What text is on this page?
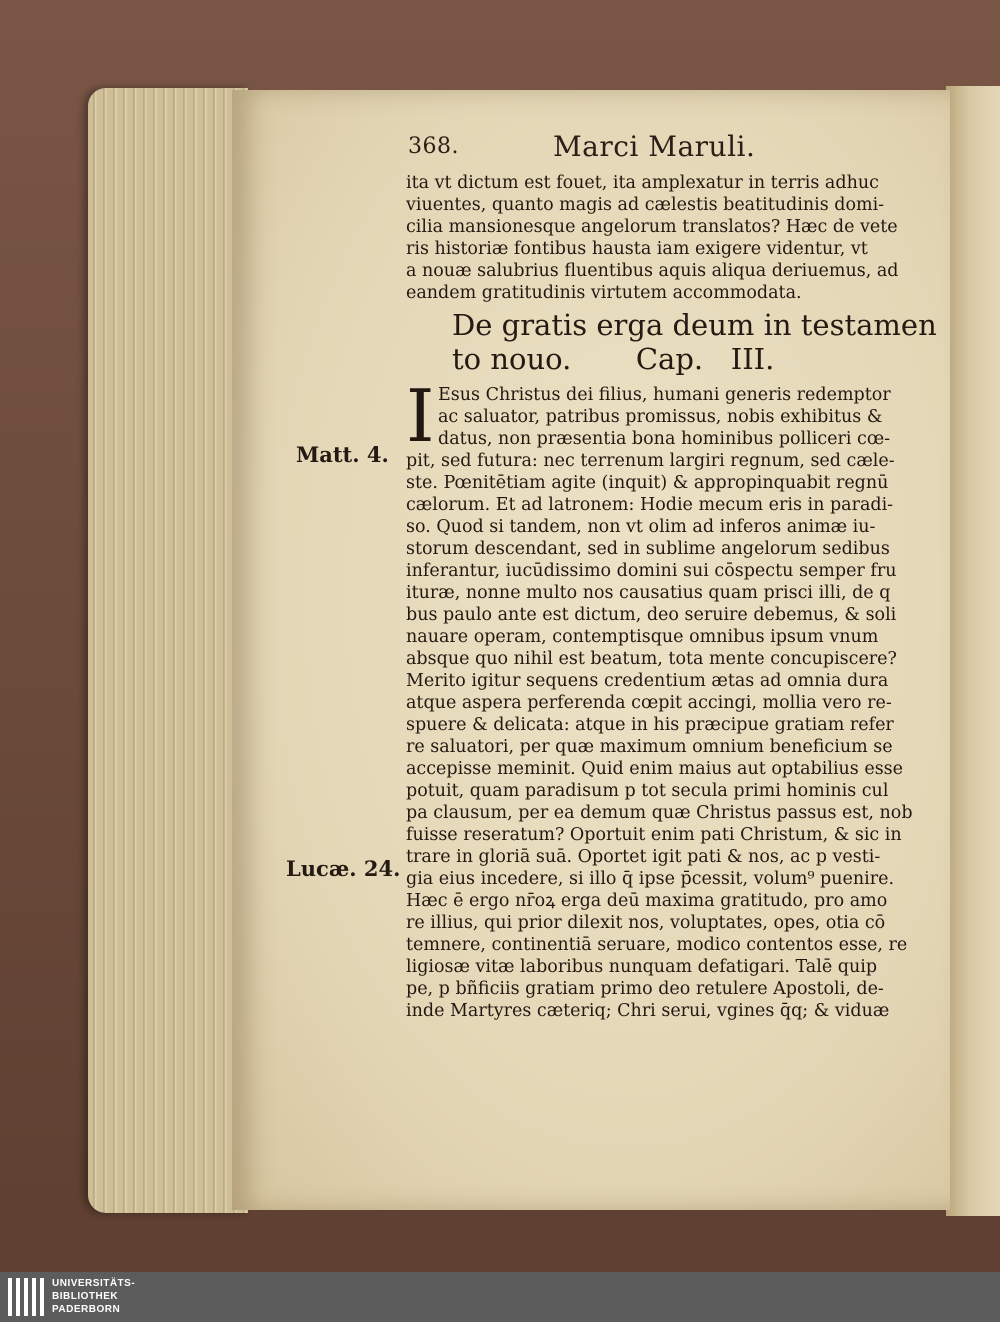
368.	Marci Maruli.
ita vt dictum est fouet, ita amplexatur in terris adhuc
viuentes, quanto magis ad cælestis beatitudinis domi-
cilia mansionesque angelorum translatos? Hæc de vete
ris historiæ fontibus hausta iam exigere videntur, vt
a nouæ salubrius fluentibus aquis aliqua deriuemus, ad
eandem gratitudinis virtutem accommodata.
De gratis erga deum in testamen
to nouo.       Cap.   III.
I Esus Christus dei filius, humani generis redemptor
ac saluator, patribus promissus, nobis exhibitus &
datus, non præsentia bona hominibus polliceri cœ-
pit, sed futura: nec terrenum largiri regnum, sed cæle-
ste. Pœnitētiam agite (inquit) & appropinquabit regnū
cælorum. Et ad latronem: Hodie mecum eris in paradi-
so. Quod si tandem, non vt olim ad inferos animæ iu-
storum descendant, sed in sublime angelorum sedibus
inferantur, iucūdissimo domini sui cōspectu semper fru
ituræ, nonne multo nos causatius quam prisci illi, de q
bus paulo ante est dictum, deo seruire debemus, & soli
nauare operam, contemptisque omnibus ipsum vnum
absque quo nihil est beatum, tota mente concupiscere?
Merito igitur sequens credentium ætas ad omnia dura
atque aspera perferenda cœpit accingi, mollia vero re-
spuere & delicata: atque in his præcipue gratiam refer
re saluatori, per quæ maximum omnium beneficium se
accepisse meminit. Quid enim maius aut optabilius esse
potuit, quam paradisum p tot secula primi hominis cul
pa clausum, per ea demum quæ Christus passus est, nob
fuisse reseratum? Oportuit enim pati Christum, & sic in
trare in gloriā suā. Oportet igit pati & nos, ac p vesti-
gia eius incedere, si illo q̄ ipse p̄cessit, volum⁹ puenire.
Hæc ē ergo nr̄oꝝ erga deū maxima gratitudo, pro amo
re illius, qui prior dilexit nos, voluptates, opes, otia cō
temnere, continentiā seruare, modico contentos esse, re
ligiosæ vitæ laboribus nunquam defatigari. Talē quip
pe, p bñficiis gratiam primo deo retulere Apostoli, de-
inde Martyres cæteriq; Chri serui, vgines q̄q; & viduæ
Matt. 4.
Lucæ. 24.
UNIVERSITÄTS-
BIBLIOTHEK
PADERBORN
